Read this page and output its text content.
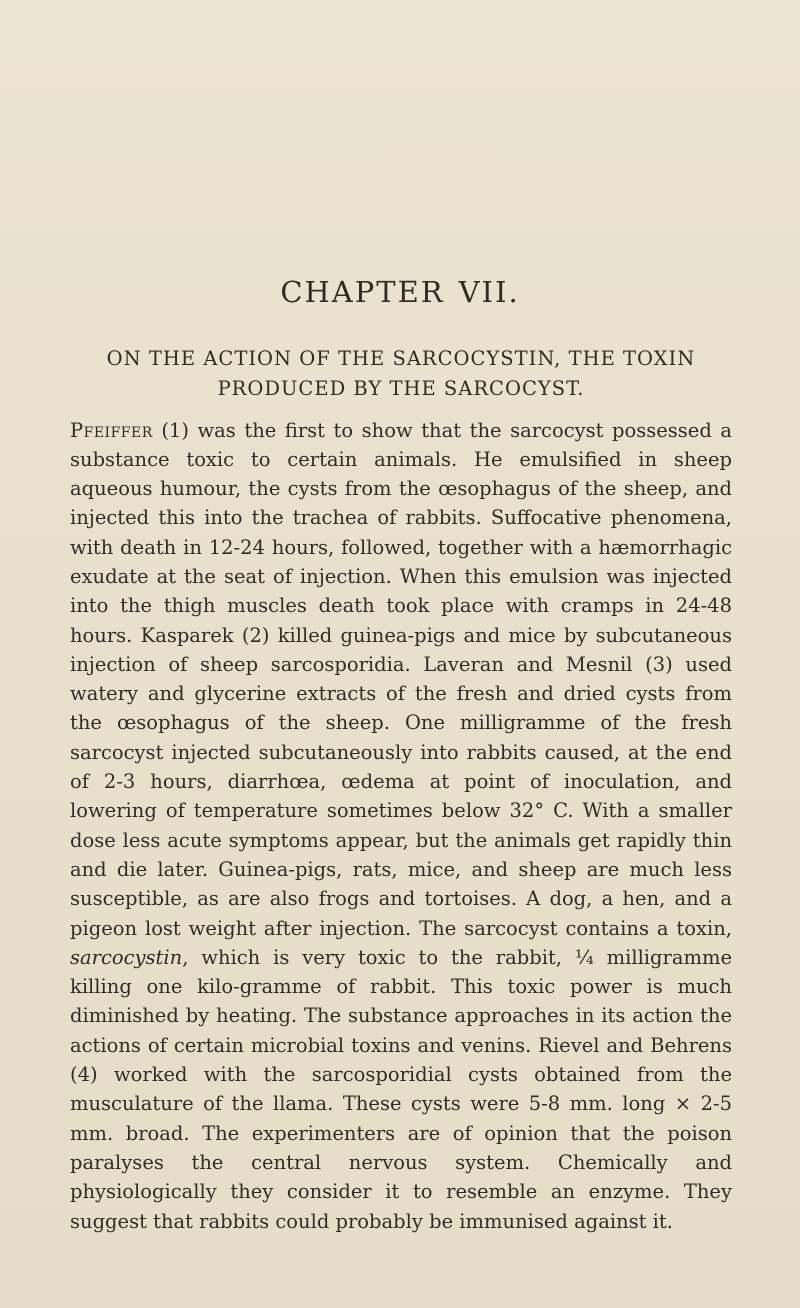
CHAPTER VII.
ON THE ACTION OF THE SARCOCYSTIN, THE TOXIN
PRODUCED BY THE SARCOCYST.

Pfeiffer (1) was the first to show that the sarcocyst possessed a substance toxic to certain animals. He emulsified in sheep aqueous humour, the cysts from the œsophagus of the sheep, and injected this into the trachea of rabbits. Suffocative phenomena, with death in 12-24 hours, followed, together with a hæmorrhagic exudate at the seat of injection. When this emulsion was injected into the thigh muscles death took place with cramps in 24-48 hours. Kasparek (2) killed guinea-pigs and mice by subcutaneous injection of sheep sarcosporidia. Laveran and Mesnil (3) used watery and glycerine extracts of the fresh and dried cysts from the œsophagus of the sheep. One milligramme of the fresh sarcocyst injected subcutaneously into rabbits caused, at the end of 2-3 hours, diarrhœa, œdema at point of inoculation, and lowering of temperature sometimes below 32° C. With a smaller dose less acute symptoms appear, but the animals get rapidly thin and die later. Guinea-pigs, rats, mice, and sheep are much less susceptible, as are also frogs and tortoises. A dog, a hen, and a pigeon lost weight after injection. The sarcocyst contains a toxin, sarcocystin, which is very toxic to the rabbit, ¼ milligramme killing one kilo-gramme of rabbit. This toxic power is much diminished by heating. The substance approaches in its action the actions of certain microbial toxins and venins. Rievel and Behrens (4) worked with the sarcosporidial cysts obtained from the musculature of the llama. These cysts were 5-8 mm. long × 2-5 mm. broad. The experimenters are of opinion that the poison paralyses the central nervous system. Chemically and physiologically they consider it to resemble an enzyme. They suggest that rabbits could probably be immunised against it.
